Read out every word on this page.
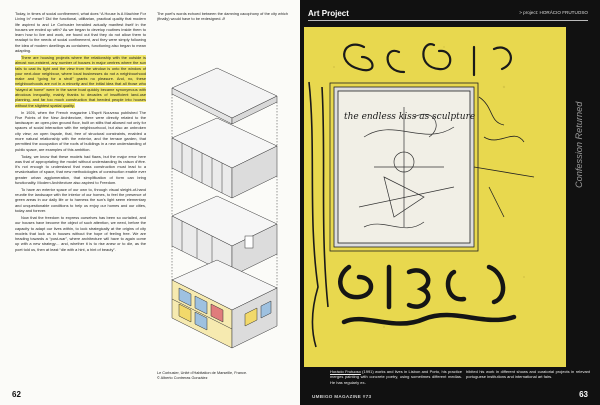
Today, in times of social confinement, what does “A House Is A Machine For Living In” mean? Did the functional, utilitarian, practical quality that modern life aspired to and Le Corbusier heralded actually manifest itself in the houses we ended up with? As we began to develop routines inside them to learn how to live and work, we found out that they do not allow them to readapt to the needs of social confinement, and they were simply following the idea of modern dwellings as containers, functioning also began to mean adapting.

There are housing projects where the relationship with the outside is almost non-existent, any number of houses in major centres where the sun fails to cast its light and the view from the window is onto the window of your next-door neighbour, where local businesses do not a neighbourhood make and “going for a stroll” grants no pleasure. And, no, these neighbourhoods are not in a minority and the initial idea that all those who “stayed at home” were in the same boat quickly became synonymous with atrocious inequality, mainly thanks to decades of insufficient land-use planning, and far too much construction that heeded people into houses without the slightest spatial quality.

In 1926, when the French magazine L’Esprit Nouveau published The Five Points of the New Architecture, there were directly related to the landscape: an open-plan ground floor, built on stilts that allowed not only for spaces of social interaction with the neighbourhood, but also an unbroken city view; an open façade, that, free of structural constraints, enabled a more natural relationship with the exterior, and the terrace garden, that permitted the occupation of the roofs of buildings in a new understanding of public space, are examples of this ambition.

Today, we know that these models had flaws, but the major error here was that of appropriating the model without understanding its raison d’être. It’s not enough to understand that mass construction must lead to a revalorisation of space, that new methodologies of construction enable ever greater urban agglomeration, that simplification of form can bring functionality. Modern Architecture also aspired to Freedom.

To have an exterior space of our own to, through visual sleight-of-hand reunite the landscape with the interior of our homes, to feel the presence of green areas in our daily life or to harness the sun’s light seem elementary and unquestionable conditions to help us enjoy our homes and our cities, today and forever.

Now that the freedom to express ourselves has been so curtailed, and our houses have become the object of such attention, we need, before the capacity to adapt our lives within, to look strategically at the origins of city models that lock us in houses without the hope of feeling free. We are heading towards a “post-war”, where architecture will have to again come up with a new strategy… and, whether it is to rise anew or to die, as the poet told us, then at least “die with a hint, a hint of beauty”.

The poet’s words echoed between the damning cacophony of the city which (finally) would have to be redesigned. //

Le Corbusier, Unité d’Habitation de Marseille, France.
© Alberto Contreras González
62
Art Project	> project: HORÁCIO FRUTUOSO
Confession Returned
the endless kiss as sculpture
Horácio Frutuoso (1991) works and lives in Lisbon and Porto, his practice merges painting with concrete poetry, using sometimes different medias. He has regularly ex-
hibited his work in different shows and curatorial projects in relevant portuguese institutions and international art fairs.
UMBIGO MAGAZINE #73	63
